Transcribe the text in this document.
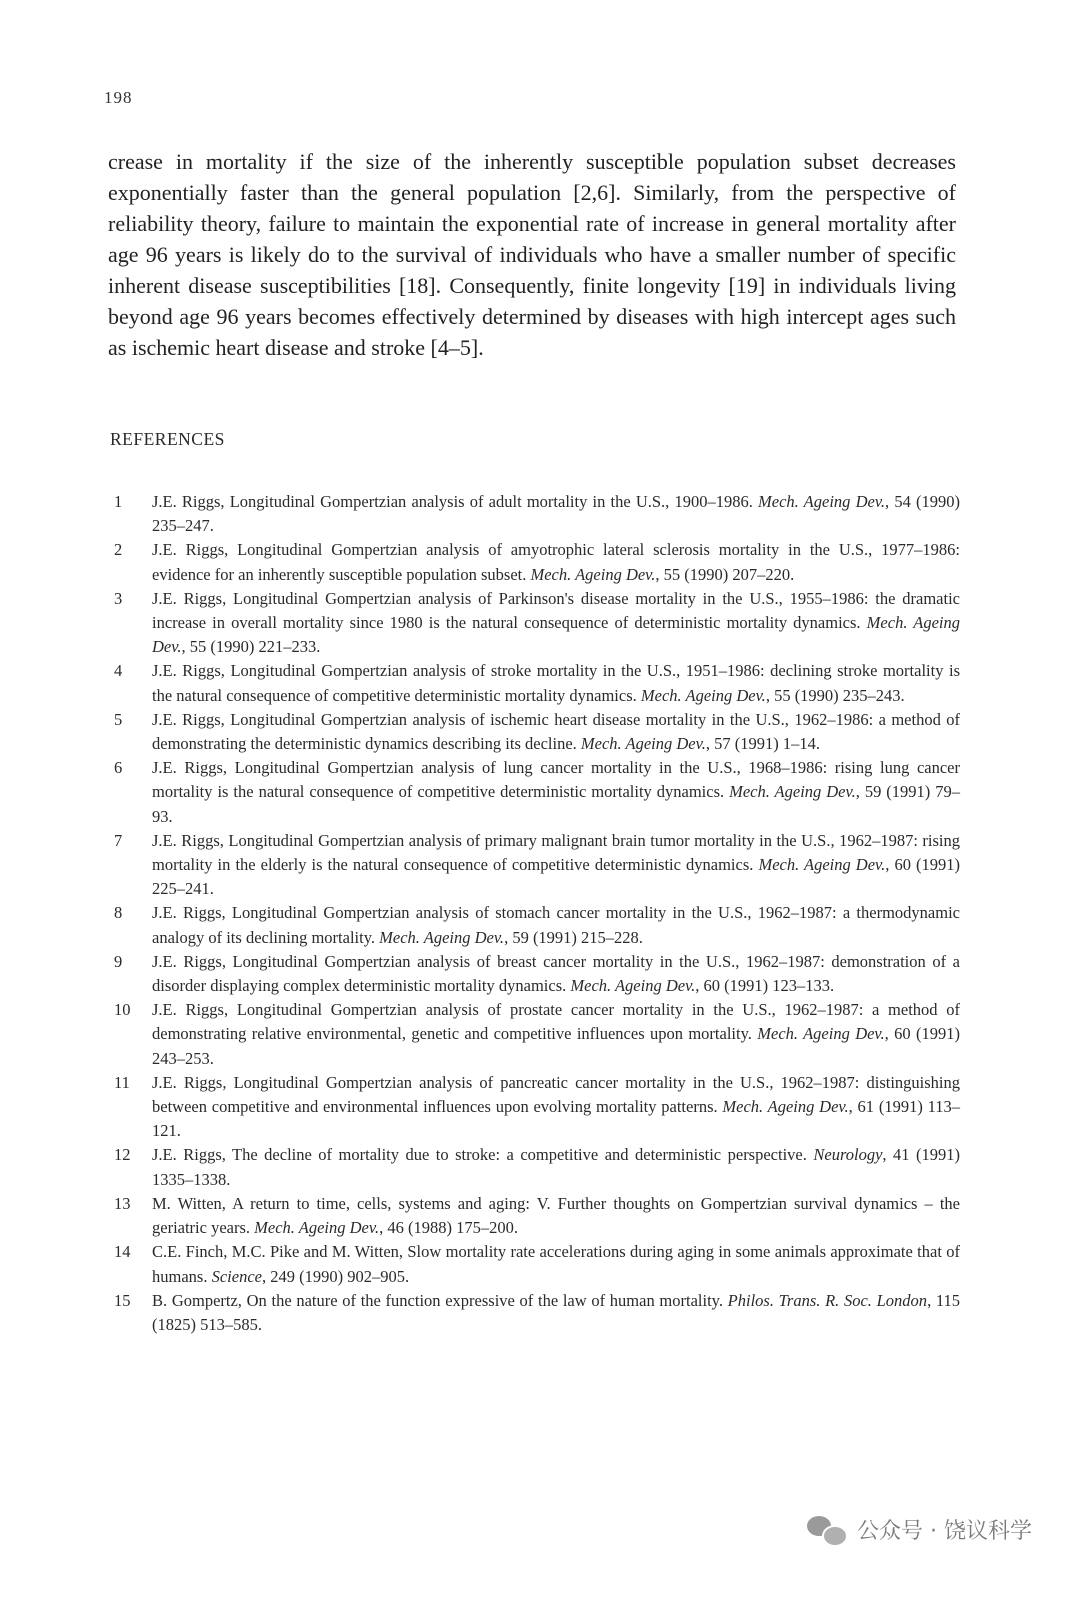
198

crease in mortality if the size of the inherently susceptible population subset decreases exponentially faster than the general population [2,6]. Similarly, from the perspective of reliability theory, failure to maintain the exponential rate of increase in general mortality after age 96 years is likely do to the survival of individuals who have a smaller number of specific inherent disease susceptibilities [18]. Consequently, finite longevity [19] in individuals living beyond age 96 years becomes effectively determined by diseases with high intercept ages such as ischemic heart disease and stroke [4–5].

REFERENCES
1	J.E. Riggs, Longitudinal Gompertzian analysis of adult mortality in the U.S., 1900–1986. Mech. Ageing Dev., 54 (1990) 235–247.
2	J.E. Riggs, Longitudinal Gompertzian analysis of amyotrophic lateral sclerosis mortality in the U.S., 1977–1986: evidence for an inherently susceptible population subset. Mech. Ageing Dev., 55 (1990) 207–220.
3	J.E. Riggs, Longitudinal Gompertzian analysis of Parkinson's disease mortality in the U.S., 1955–1986: the dramatic increase in overall mortality since 1980 is the natural consequence of deterministic mortality dynamics. Mech. Ageing Dev., 55 (1990) 221–233.
4	J.E. Riggs, Longitudinal Gompertzian analysis of stroke mortality in the U.S., 1951–1986: declining stroke mortality is the natural consequence of competitive deterministic mortality dynamics. Mech. Ageing Dev., 55 (1990) 235–243.
5	J.E. Riggs, Longitudinal Gompertzian analysis of ischemic heart disease mortality in the U.S., 1962–1986: a method of demonstrating the deterministic dynamics describing its decline. Mech. Ageing Dev., 57 (1991) 1–14.
6	J.E. Riggs, Longitudinal Gompertzian analysis of lung cancer mortality in the U.S., 1968–1986: rising lung cancer mortality is the natural consequence of competitive deterministic mortality dynamics. Mech. Ageing Dev., 59 (1991) 79–93.
7	J.E. Riggs, Longitudinal Gompertzian analysis of primary malignant brain tumor mortality in the U.S., 1962–1987: rising mortality in the elderly is the natural consequence of competitive deterministic dynamics. Mech. Ageing Dev., 60 (1991) 225–241.
8	J.E. Riggs, Longitudinal Gompertzian analysis of stomach cancer mortality in the U.S., 1962–1987: a thermodynamic analogy of its declining mortality. Mech. Ageing Dev., 59 (1991) 215–228.
9	J.E. Riggs, Longitudinal Gompertzian analysis of breast cancer mortality in the U.S., 1962–1987: demonstration of a disorder displaying complex deterministic mortality dynamics. Mech. Ageing Dev., 60 (1991) 123–133.
10	J.E. Riggs, Longitudinal Gompertzian analysis of prostate cancer mortality in the U.S., 1962–1987: a method of demonstrating relative environmental, genetic and competitive influences upon mortality. Mech. Ageing Dev., 60 (1991) 243–253.
11	J.E. Riggs, Longitudinal Gompertzian analysis of pancreatic cancer mortality in the U.S., 1962–1987: distinguishing between competitive and environmental influences upon evolving mortality patterns. Mech. Ageing Dev., 61 (1991) 113–121.
12	J.E. Riggs, The decline of mortality due to stroke: a competitive and deterministic perspective. Neurology, 41 (1991) 1335–1338.
13	M. Witten, A return to time, cells, systems and aging: V. Further thoughts on Gompertzian survival dynamics – the geriatric years. Mech. Ageing Dev., 46 (1988) 175–200.
14	C.E. Finch, M.C. Pike and M. Witten, Slow mortality rate accelerations during aging in some animals approximate that of humans. Science, 249 (1990) 902–905.
15	B. Gompertz, On the nature of the function expressive of the law of human mortality. Philos. Trans. R. Soc. London, 115 (1825) 513–585.
公众号 · 饶议科学
